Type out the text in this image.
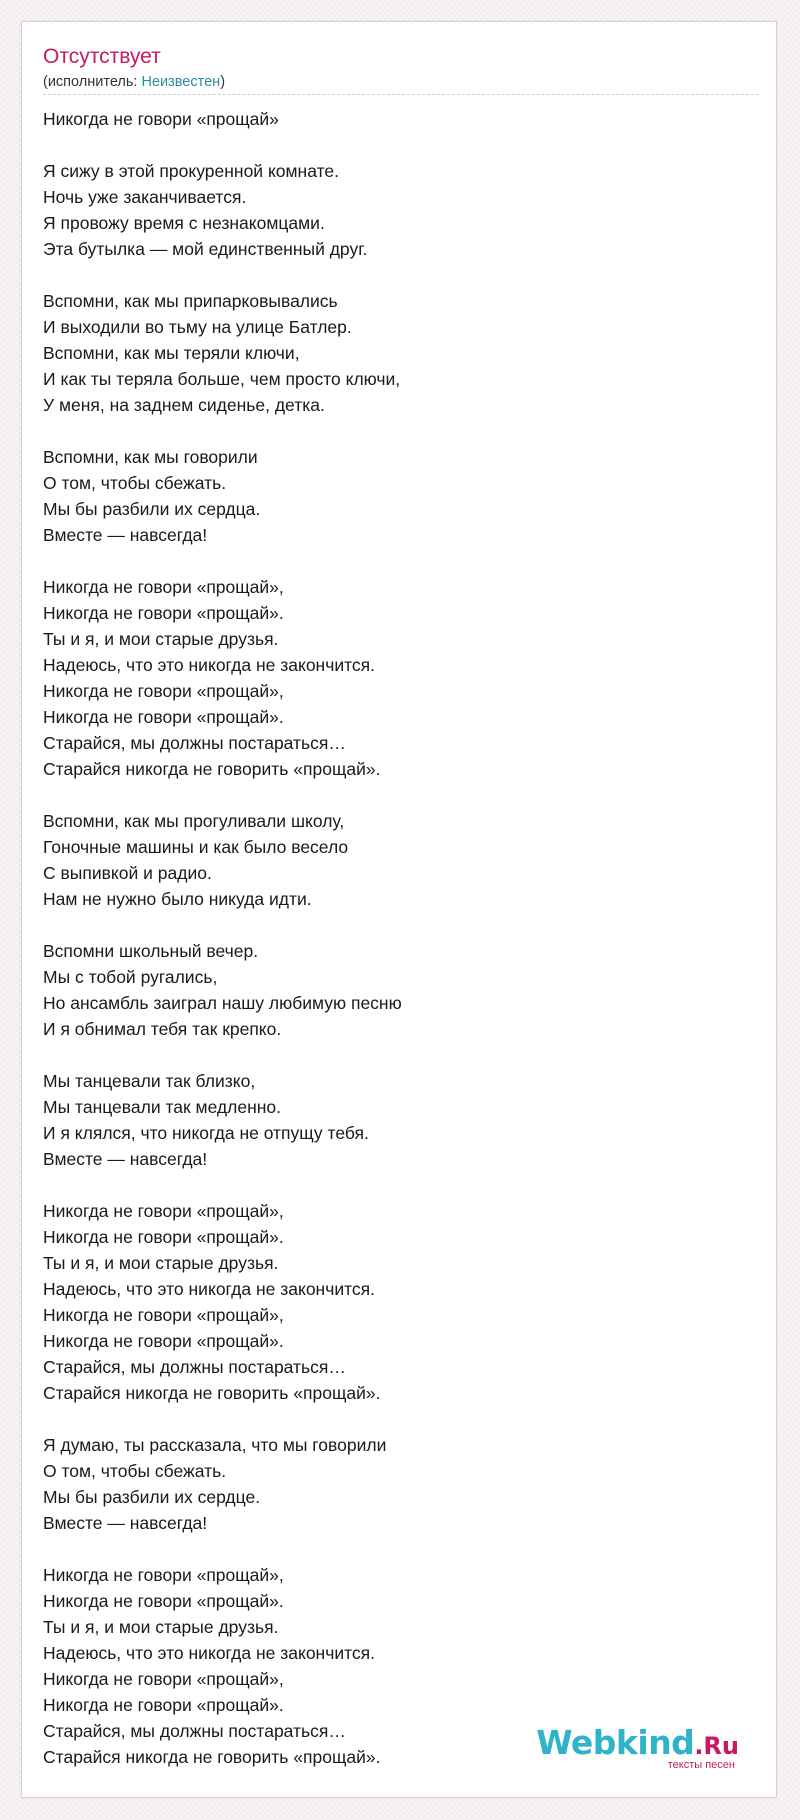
Отсутствует
(исполнитель: Неизвестен)
Никогда не говори «прощай»
Я сижу в этой прокуренной комнате.
Ночь уже заканчивается.
Я провожу время с незнакомцами.
Эта бутылка — мой единственный друг.
Вспомни, как мы припарковывались
И выходили во тьму на улице Батлер.
Вспомни, как мы теряли ключи,
И как ты теряла больше, чем просто ключи,
У меня, на заднем сиденье, детка.
Вспомни, как мы говорили
О том, чтобы сбежать.
Мы бы разбили их сердца.
Вместе — навсегда!
Никогда не говори «прощай»,
Никогда не говори «прощай».
Ты и я, и мои старые друзья.
Надеюсь, что это никогда не закончится.
Никогда не говори «прощай»,
Никогда не говори «прощай».
Старайся, мы должны постараться…
Старайся никогда не говорить «прощай».
Вспомни, как мы прогуливали школу,
Гоночные машины и как было весело
С выпивкой и радио.
Нам не нужно было никуда идти.
Вспомни школьный вечер.
Мы с тобой ругались,
Но ансамбль заиграл нашу любимую песню
И я обнимал тебя так крепко.
Мы танцевали так близко,
Мы танцевали так медленно.
И я клялся, что никогда не отпущу тебя.
Вместе — навсегда!
Никогда не говори «прощай»,
Никогда не говори «прощай».
Ты и я, и мои старые друзья.
Надеюсь, что это никогда не закончится.
Никогда не говори «прощай»,
Никогда не говори «прощай».
Старайся, мы должны постараться…
Старайся никогда не говорить «прощай».
Я думаю, ты рассказала, что мы говорили
О том, чтобы сбежать.
Мы бы разбили их сердце.
Вместе — навсегда!
Никогда не говори «прощай»,
Никогда не говори «прощай».
Ты и я, и мои старые друзья.
Надеюсь, что это никогда не закончится.
Никогда не говори «прощай»,
Никогда не говори «прощай».
Старайся, мы должны постараться…
Старайся никогда не говорить «прощай».	Webkind.Ru
тексты песен
